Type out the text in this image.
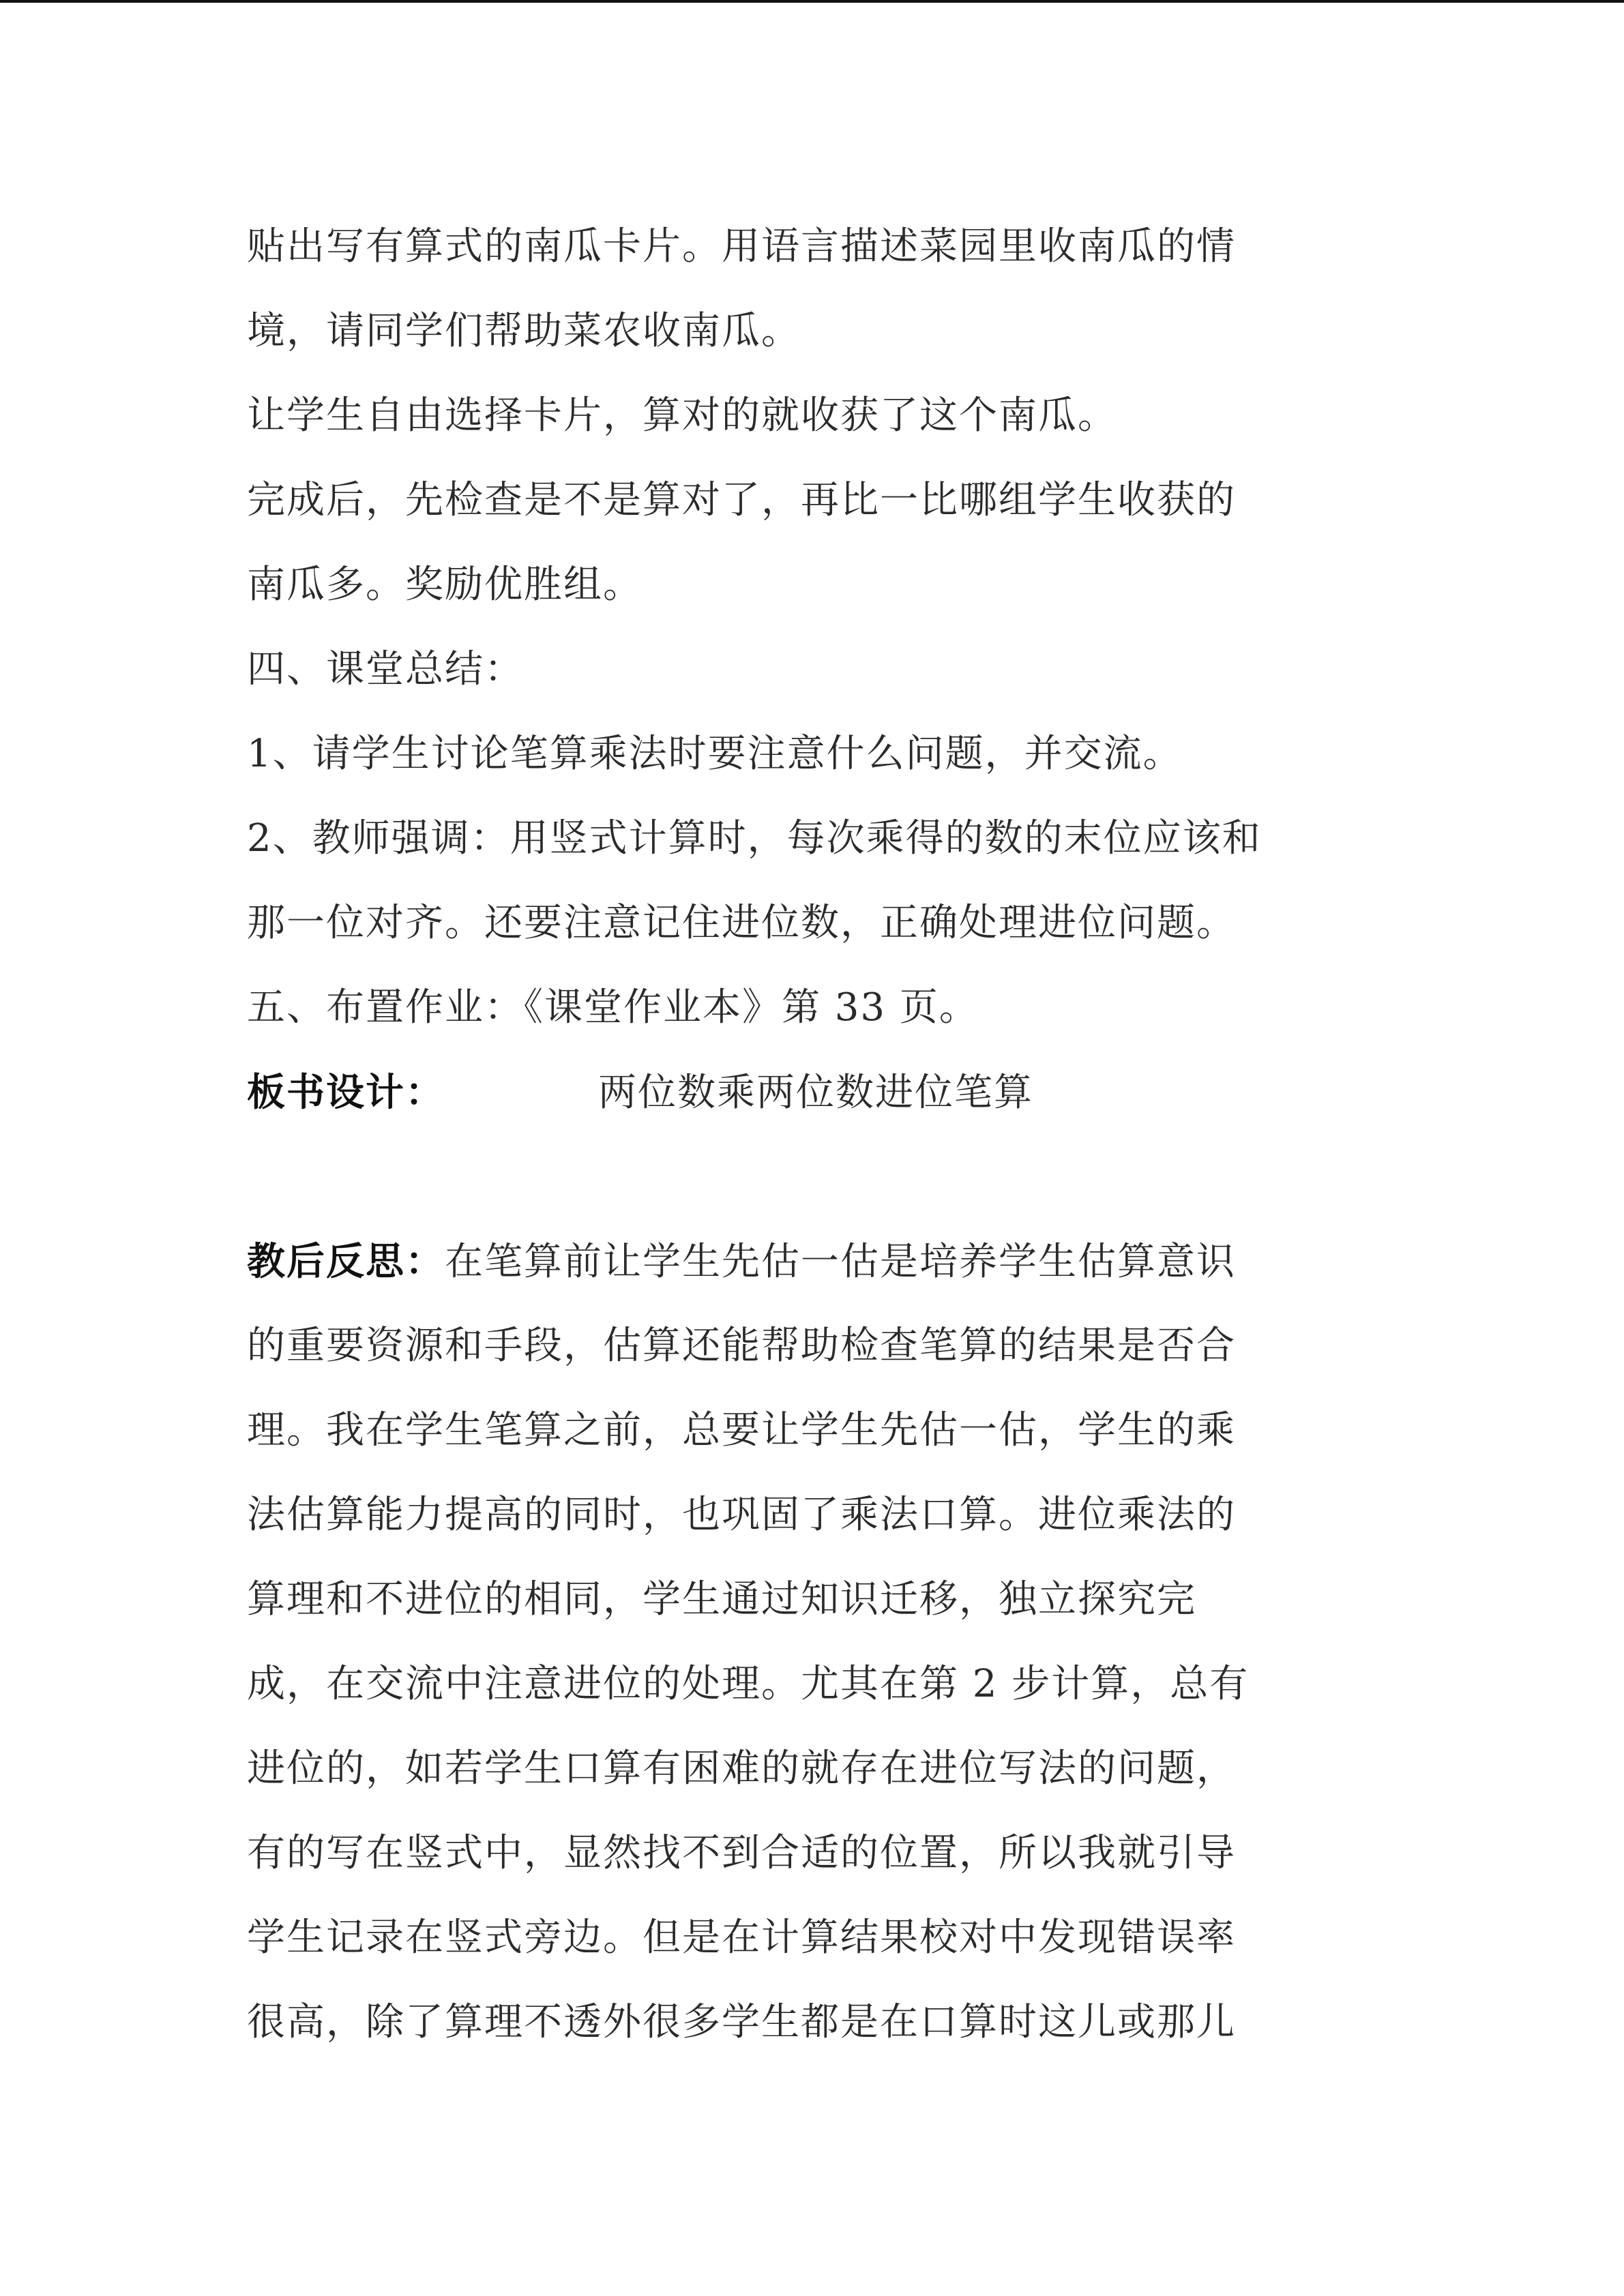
贴出写有算式的南瓜卡片。用语言描述菜园里收南瓜的情
境，请同学们帮助菜农收南瓜。
让学生自由选择卡片，算对的就收获了这个南瓜。
完成后，先检查是不是算对了，再比一比哪组学生收获的
南瓜多。奖励优胜组。
四、课堂总结：
1、请学生讨论笔算乘法时要注意什么问题，并交流。
2、教师强调：用竖式计算时，每次乘得的数的末位应该和
那一位对齐。还要注意记住进位数，正确处理进位问题。
五、布置作业：《课堂作业本》第 33 页。
板书设计：	两位数乘两位数进位笔算
教后反思：在笔算前让学生先估一估是培养学生估算意识
的重要资源和手段，估算还能帮助检查笔算的结果是否合
理。我在学生笔算之前，总要让学生先估一估，学生的乘
法估算能力提高的同时，也巩固了乘法口算。进位乘法的
算理和不进位的相同，学生通过知识迁移，独立探究完
成，在交流中注意进位的处理。尤其在第 2 步计算，总有
进位的，如若学生口算有困难的就存在进位写法的问题，
有的写在竖式中，显然找不到合适的位置，所以我就引导
学生记录在竖式旁边。但是在计算结果校对中发现错误率
很高，除了算理不透外很多学生都是在口算时这儿或那儿
